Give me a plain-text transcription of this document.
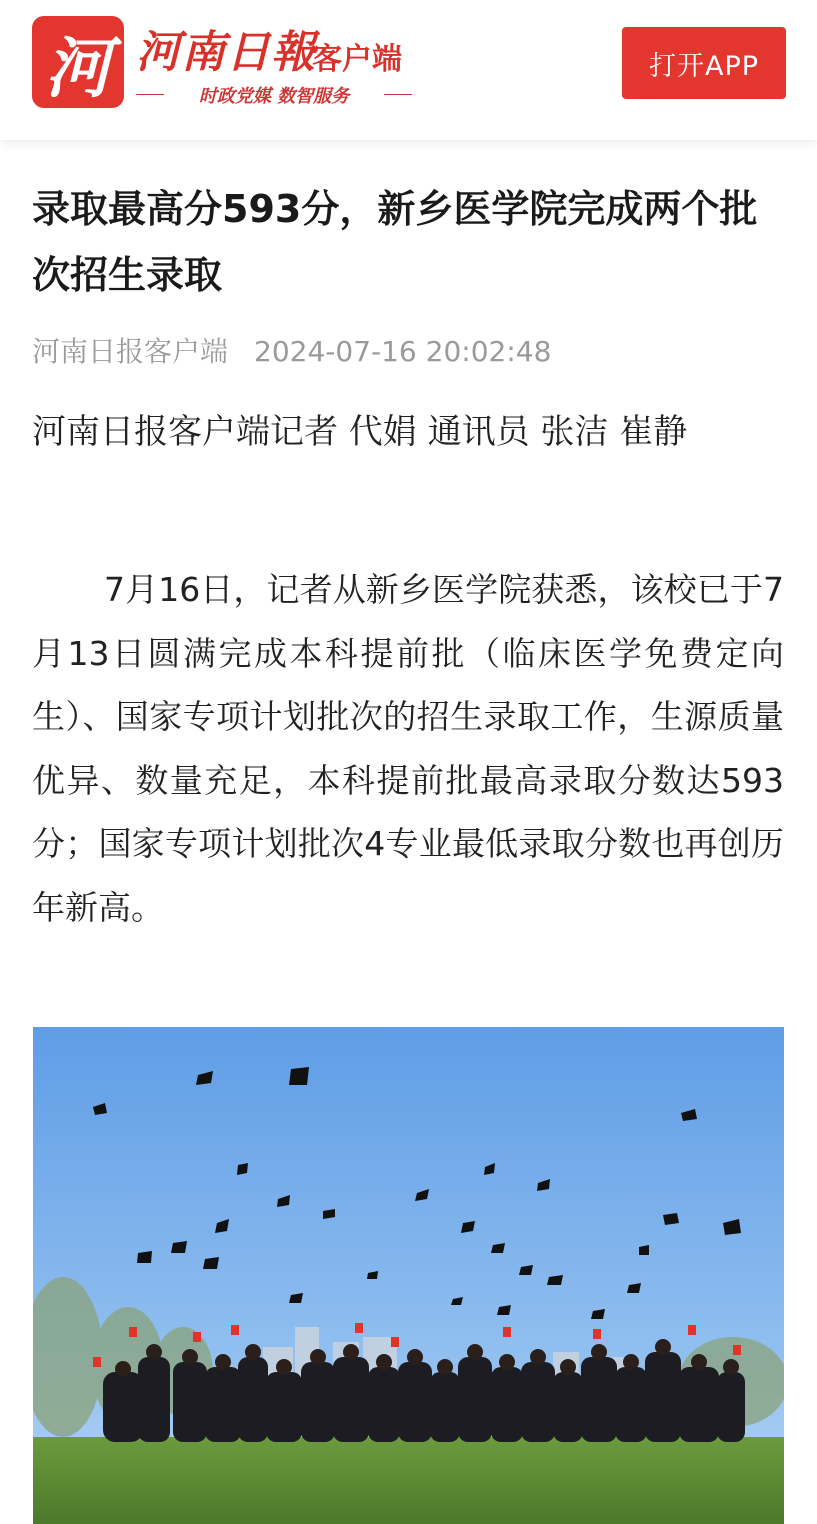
河 河南日報
客户端
时政党媒 数智服务
打开APP
录取最高分593分，新乡医学院完成两个批次招生录取
河南日报客户端 2024-07-16 20:02:48

河南日报客户端记者 代娟 通讯员 张洁 崔静

7月16日，记者从新乡医学院获悉，该校已于7月13日圆满完成本科提前批（临床医学免费定向生）、国家专项计划批次的招生录取工作，生源质量优异、数量充足，本科提前批最高录取分数达593分；国家专项计划批次4专业最低录取分数也再创历年新高。
